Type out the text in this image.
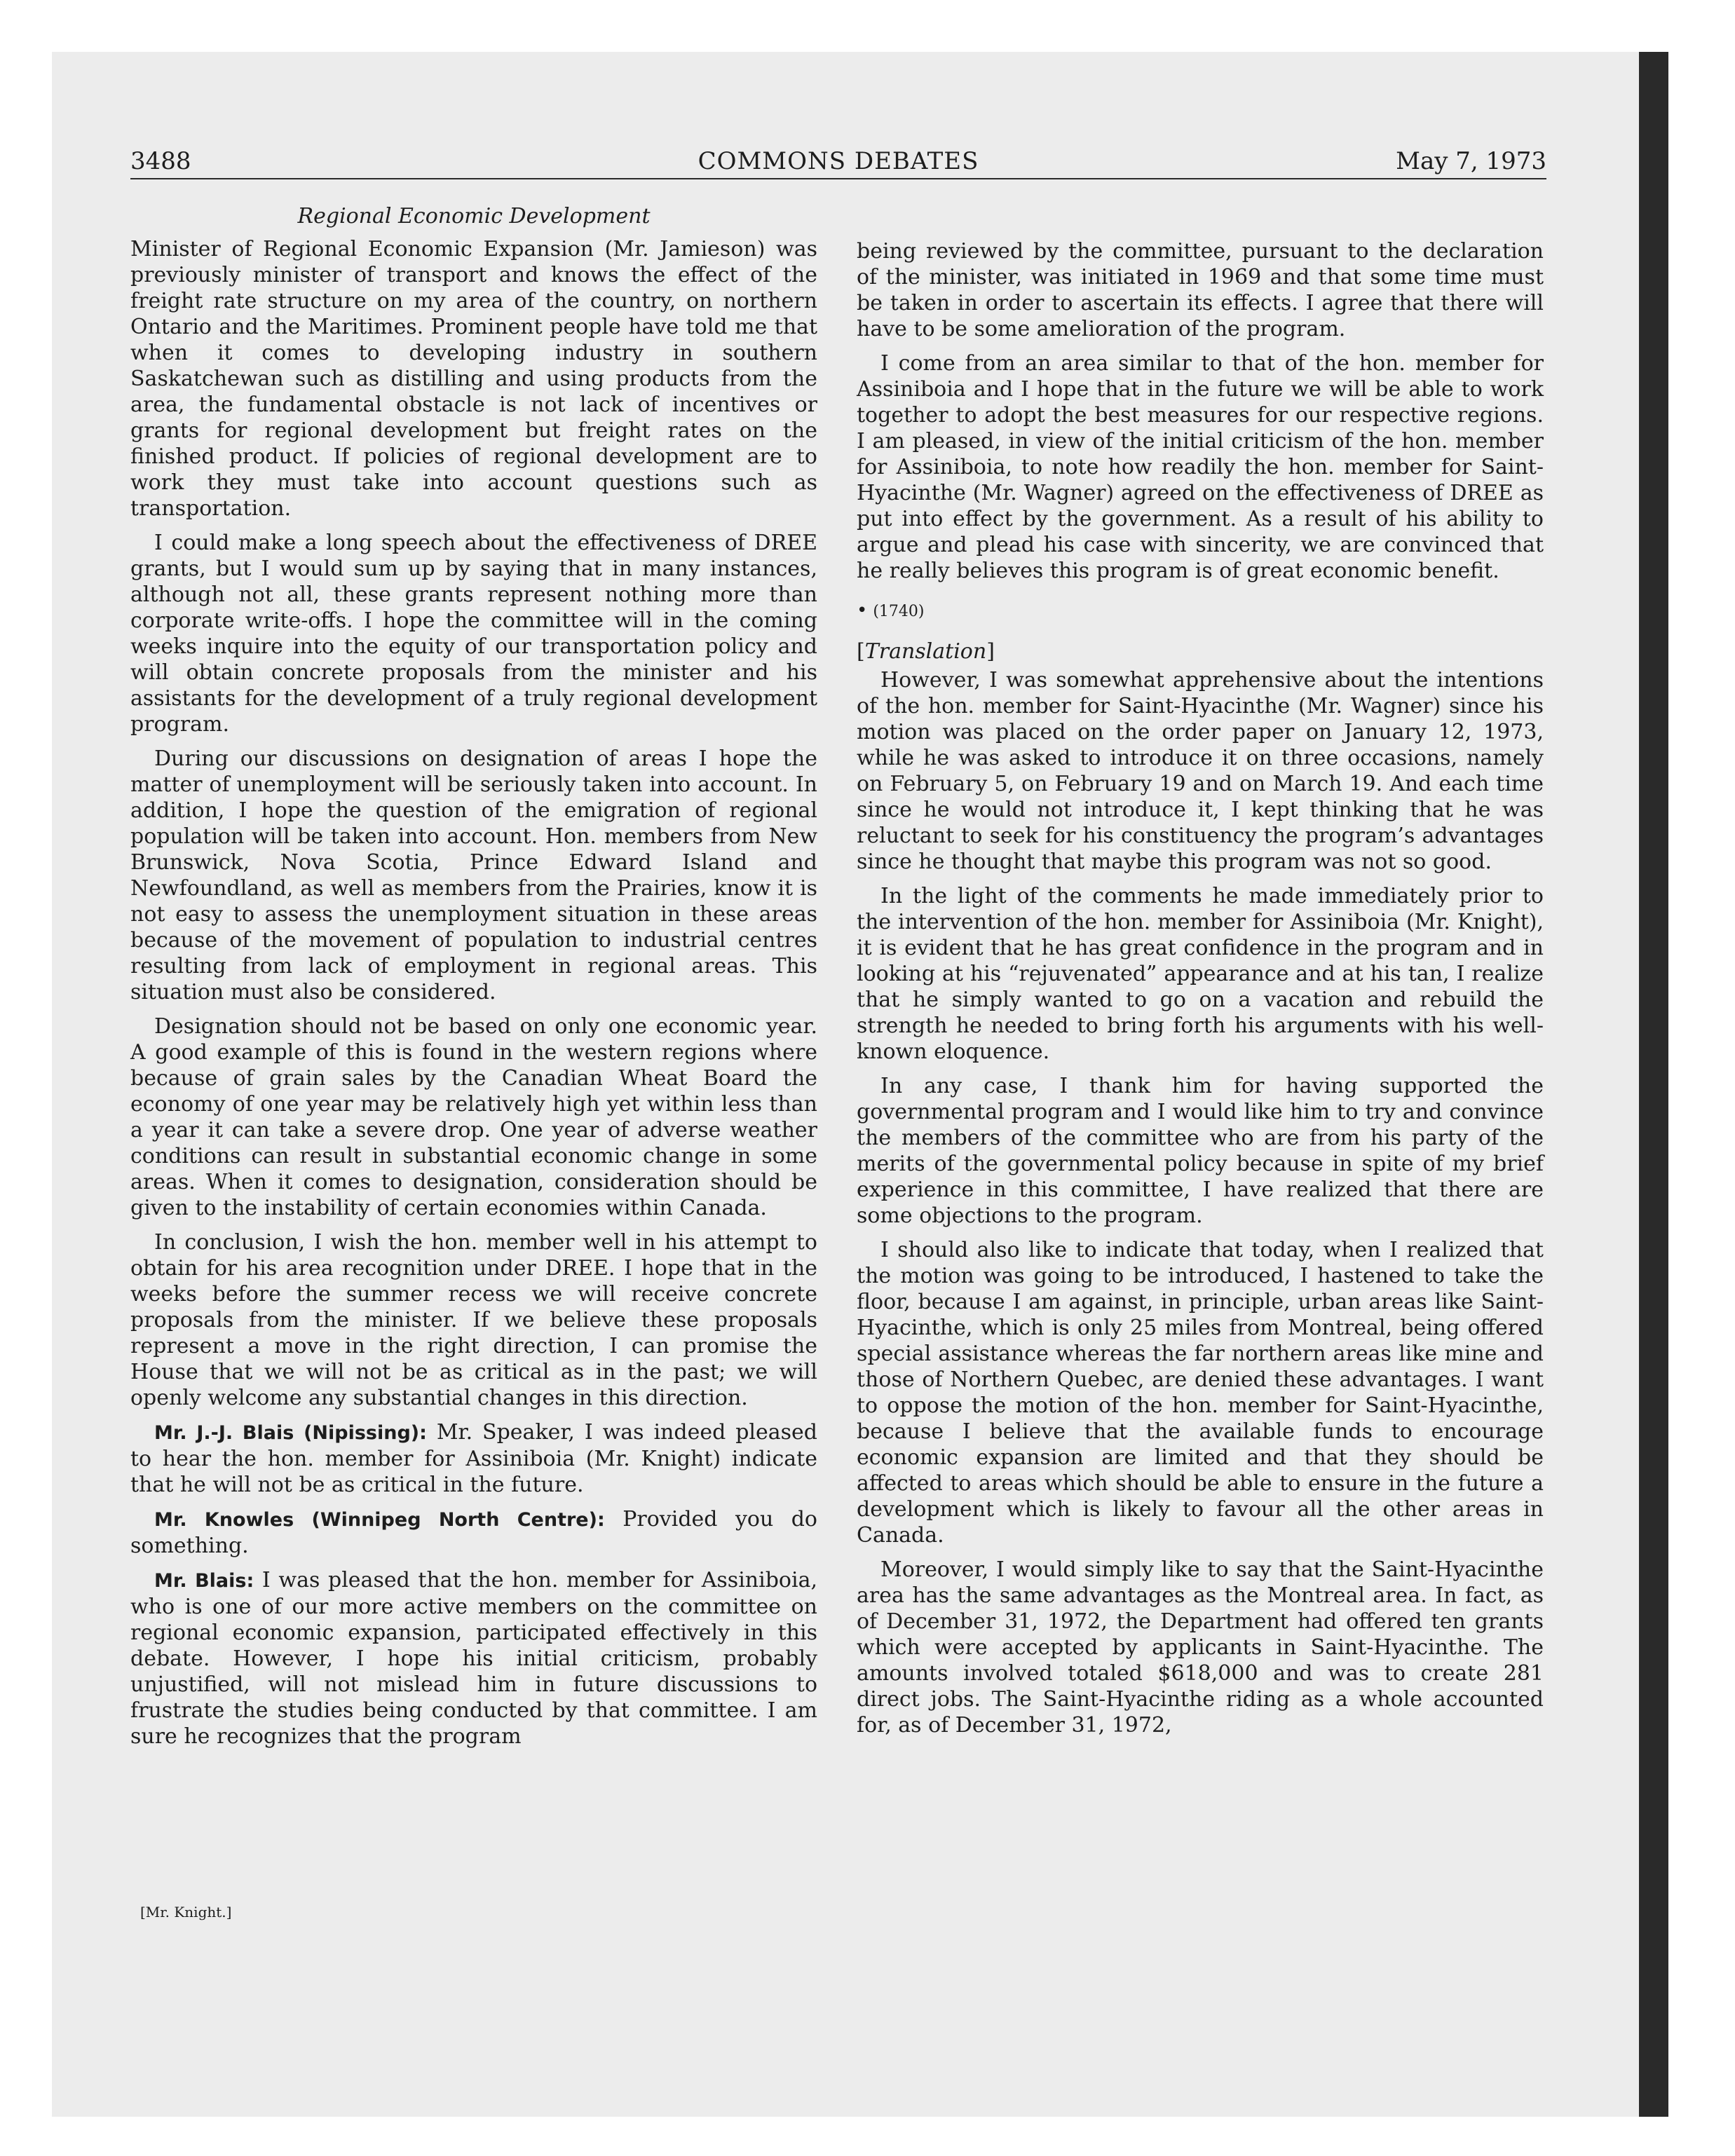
3488	COMMONS DEBATES	May 7, 1973
Regional Economic Development

Minister of Regional Economic Expansion (Mr. Jamieson) was previously minister of transport and knows the effect of the freight rate structure on my area of the country, on northern Ontario and the Maritimes. Prominent people have told me that when it comes to developing industry in southern Saskatchewan such as distilling and using products from the area, the fundamental obstacle is not lack of incentives or grants for regional development but freight rates on the finished product. If policies of regional development are to work they must take into account questions such as transportation.

I could make a long speech about the effectiveness of DREE grants, but I would sum up by saying that in many instances, although not all, these grants represent nothing more than corporate write-offs. I hope the committee will in the coming weeks inquire into the equity of our transportation policy and will obtain concrete proposals from the minister and his assistants for the development of a truly regional development program.

During our discussions on designation of areas I hope the matter of unemployment will be seriously taken into account. In addition, I hope the question of the emigration of regional population will be taken into account. Hon. members from New Brunswick, Nova Scotia, Prince Edward Island and Newfoundland, as well as members from the Prairies, know it is not easy to assess the unemployment situation in these areas because of the movement of population to industrial centres resulting from lack of employment in regional areas. This situation must also be considered.

Designation should not be based on only one economic year. A good example of this is found in the western regions where because of grain sales by the Canadian Wheat Board the economy of one year may be relatively high yet within less than a year it can take a severe drop. One year of adverse weather conditions can result in substantial economic change in some areas. When it comes to designation, consideration should be given to the instability of certain economies within Canada.

In conclusion, I wish the hon. member well in his attempt to obtain for his area recognition under DREE. I hope that in the weeks before the summer recess we will receive concrete proposals from the minister. If we believe these proposals represent a move in the right direction, I can promise the House that we will not be as critical as in the past; we will openly welcome any substantial changes in this direction.

Mr. J.-J. Blais (Nipissing): Mr. Speaker, I was indeed pleased to hear the hon. member for Assiniboia (Mr. Knight) indicate that he will not be as critical in the future.

Mr. Knowles (Winnipeg North Centre): Provided you do something.

Mr. Blais: I was pleased that the hon. member for Assiniboia, who is one of our more active members on the committee on regional economic expansion, participated effectively in this debate. However, I hope his initial criticism, probably unjustified, will not mislead him in future discussions to frustrate the studies being conducted by that committee. I am sure he recognizes that the program

[Mr. Knight.]

being reviewed by the committee, pursuant to the declaration of the minister, was initiated in 1969 and that some time must be taken in order to ascertain its effects. I agree that there will have to be some amelioration of the program.

I come from an area similar to that of the hon. member for Assiniboia and I hope that in the future we will be able to work together to adopt the best measures for our respective regions. I am pleased, in view of the initial criticism of the hon. member for Assiniboia, to note how readily the hon. member for Saint-Hyacinthe (Mr. Wagner) agreed on the effectiveness of DREE as put into effect by the government. As a result of his ability to argue and plead his case with sincerity, we are convinced that he really believes this program is of great economic benefit.

• (1740)
[Translation]

However, I was somewhat apprehensive about the intentions of the hon. member for Saint-Hyacinthe (Mr. Wagner) since his motion was placed on the order paper on January 12, 1973, while he was asked to introduce it on three occasions, namely on February 5, on February 19 and on March 19. And each time since he would not introduce it, I kept thinking that he was reluctant to seek for his constituency the program’s advantages since he thought that maybe this program was not so good.

In the light of the comments he made immediately prior to the intervention of the hon. member for Assiniboia (Mr. Knight), it is evident that he has great confidence in the program and in looking at his “rejuvenated” appearance and at his tan, I realize that he simply wanted to go on a vacation and rebuild the strength he needed to bring forth his arguments with his well-known eloquence.

In any case, I thank him for having supported the governmental program and I would like him to try and convince the members of the committee who are from his party of the merits of the governmental policy because in spite of my brief experience in this committee, I have realized that there are some objections to the program.

I should also like to indicate that today, when I realized that the motion was going to be introduced, I hastened to take the floor, because I am against, in principle, urban areas like Saint-Hyacinthe, which is only 25 miles from Montreal, being offered special assistance whereas the far northern areas like mine and those of Northern Quebec, are denied these advantages. I want to oppose the motion of the hon. member for Saint-Hyacinthe, because I believe that the available funds to encourage economic expansion are limited and that they should be affected to areas which should be able to ensure in the future a development which is likely to favour all the other areas in Canada.

Moreover, I would simply like to say that the Saint-Hyacinthe area has the same advantages as the Montreal area. In fact, as of December 31, 1972, the Department had offered ten grants which were accepted by applicants in Saint-Hyacinthe. The amounts involved totaled $618,000 and was to create 281 direct jobs. The Saint-Hyacinthe riding as a whole accounted for, as of December 31, 1972,
